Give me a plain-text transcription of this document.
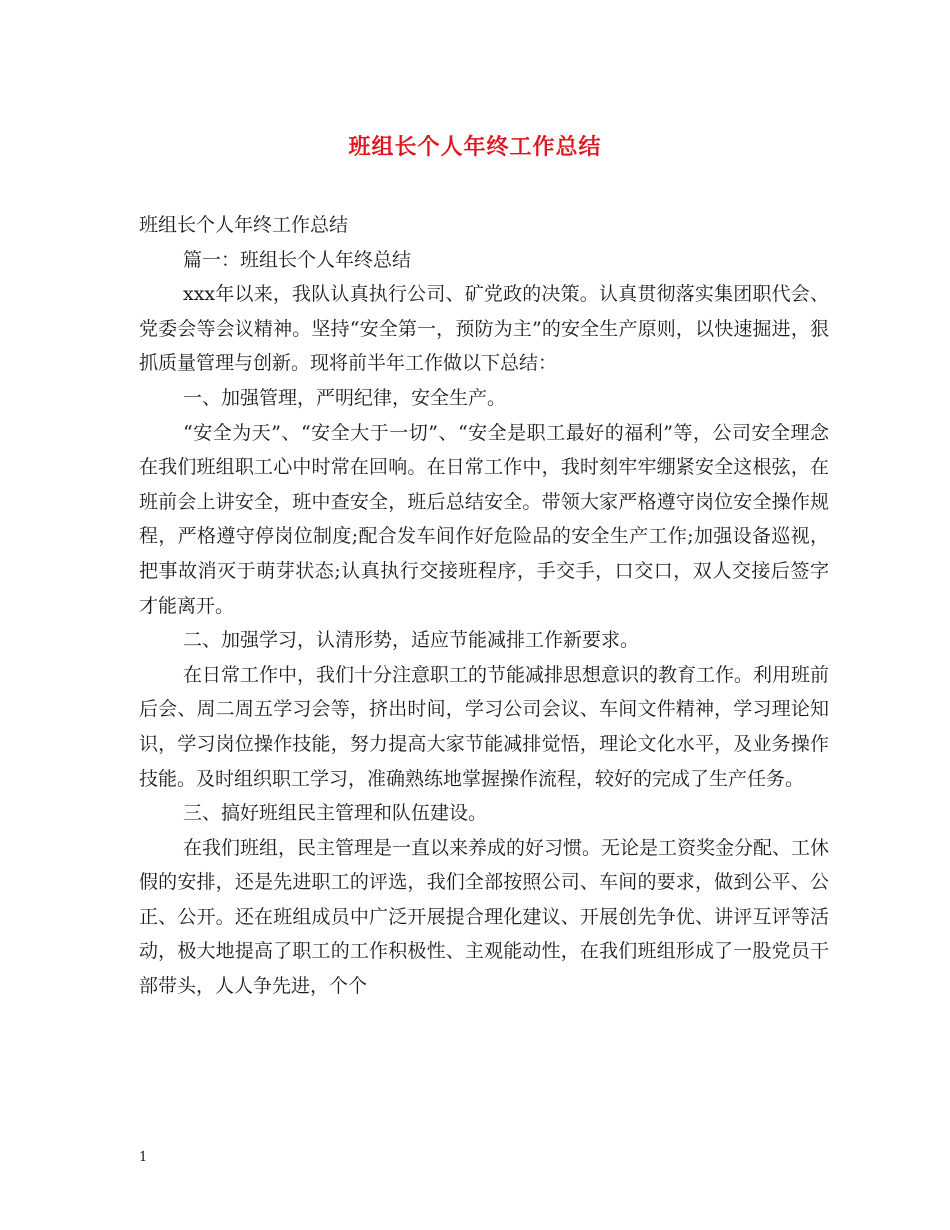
班组长个人年终工作总结

班组长个人年终工作总结

篇一：班组长个人年终总结

xxx年以来，我队认真执行公司、矿党政的决策。认真贯彻落实集团职代会、党委会等会议精神。坚持“安全第一，预防为主”的安全生产原则，以快速掘进，狠抓质量管理与创新。现将前半年工作做以下总结：

一、加强管理，严明纪律，安全生产。

“安全为天”、“安全大于一切”、“安全是职工最好的福利”等，公司安全理念在我们班组职工心中时常在回响。在日常工作中，我时刻牢牢绷紧安全这根弦，在班前会上讲安全，班中查安全，班后总结安全。带领大家严格遵守岗位安全操作规程，严格遵守停岗位制度;配合发车间作好危险品的安全生产工作;加强设备巡视，把事故消灭于萌芽状态;认真执行交接班程序，手交手，口交口，双人交接后签字才能离开。

二、加强学习，认清形势，适应节能减排工作新要求。

在日常工作中，我们十分注意职工的节能减排思想意识的教育工作。利用班前后会、周二周五学习会等，挤出时间，学习公司会议、车间文件精神，学习理论知识，学习岗位操作技能，努力提高大家节能减排觉悟，理论文化水平，及业务操作技能。及时组织职工学习，准确熟练地掌握操作流程，较好的完成了生产任务。

三、搞好班组民主管理和队伍建设。

在我们班组，民主管理是一直以来养成的好习惯。无论是工资奖金分配、工休假的安排，还是先进职工的评选，我们全部按照公司、车间的要求，做到公平、公正、公开。还在班组成员中广泛开展提合理化建议、开展创先争优、讲评互评等活动，极大地提高了职工的工作积极性、主观能动性，在我们班组形成了一股党员干部带头，人人争先进，个个

1
